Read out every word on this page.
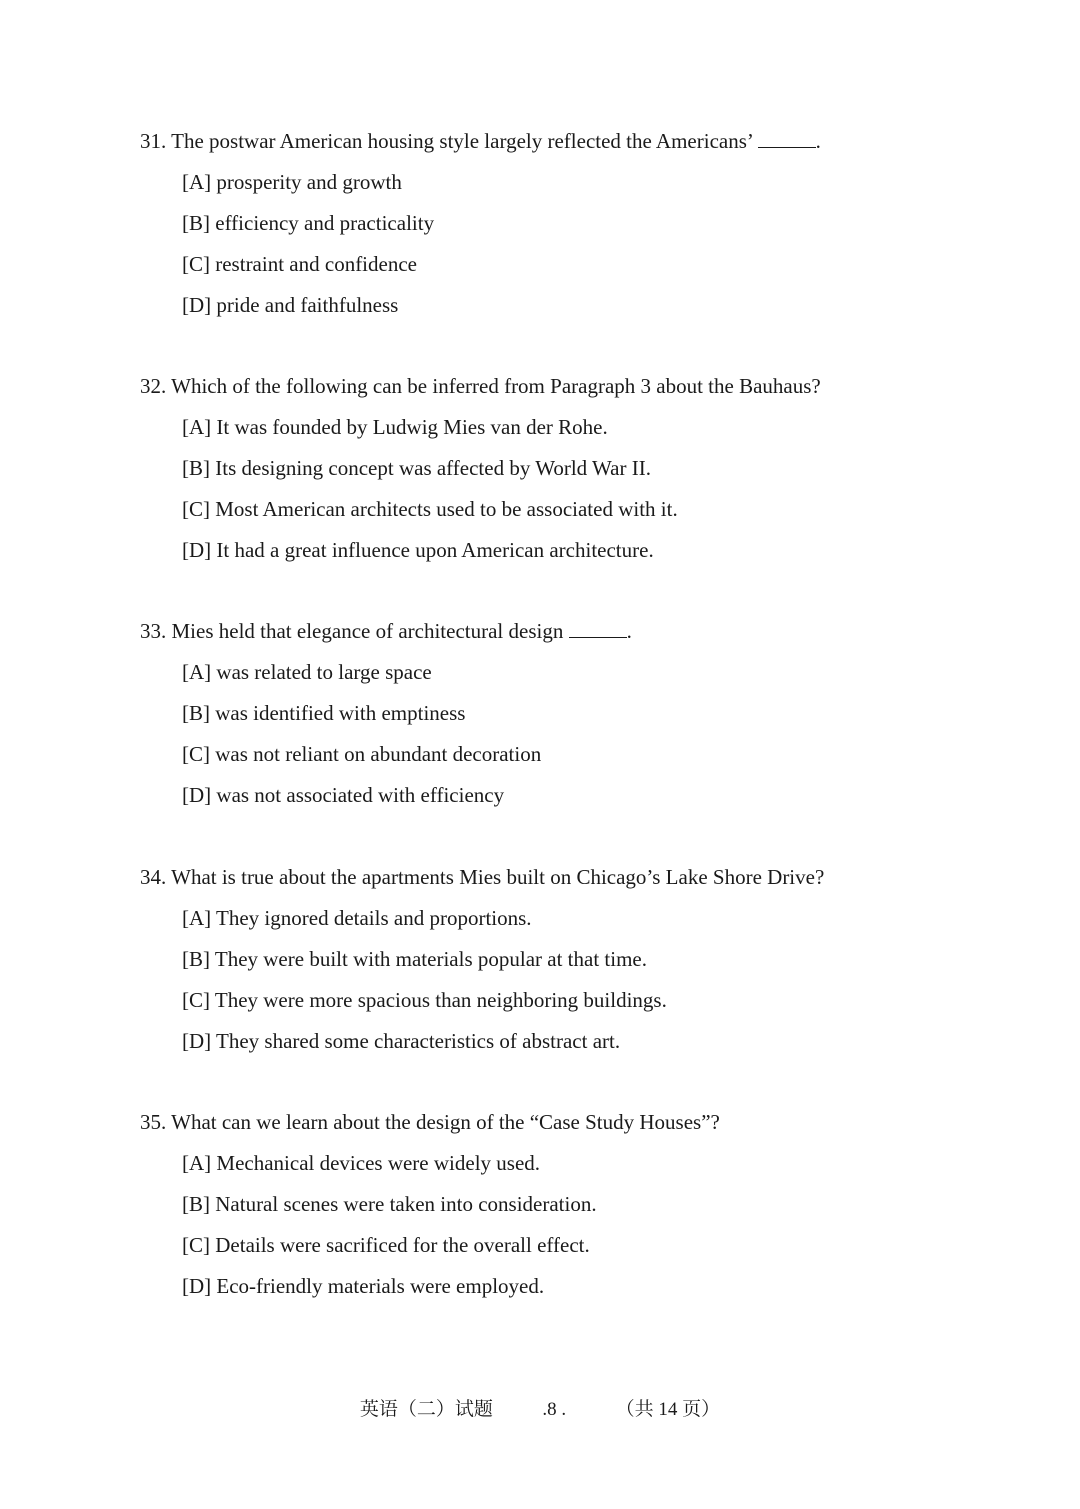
31. The postwar American housing style largely reflected the Americans’	.
[A] prosperity and growth
[B] efficiency and practicality
[C] restraint and confidence
[D] pride and faithfulness
32. Which of the following can be inferred from Paragraph 3 about the Bauhaus?
[A] It was founded by Ludwig Mies van der Rohe.
[B] Its designing concept was affected by World War II.
[C] Most American architects used to be associated with it.
[D] It had a great influence upon American architecture.
33. Mies held that elegance of architectural design	.
[A] was related to large space
[B] was identified with emptiness
[C] was not reliant on abundant decoration
[D] was not associated with efficiency
34. What is true about the apartments Mies built on Chicago’s Lake Shore Drive?
[A] They ignored details and proportions.
[B] They were built with materials popular at that time.
[C] They were more spacious than neighboring buildings.
[D] They shared some characteristics of abstract art.
35. What can we learn about the design of the “Case Study Houses”?
[A] Mechanical devices were widely used.
[B] Natural scenes were taken into consideration.
[C] Details were sacrificed for the overall effect.
[D] Eco-friendly materials were employed.
英语（二）试题	.8 .	（共 14 页）
